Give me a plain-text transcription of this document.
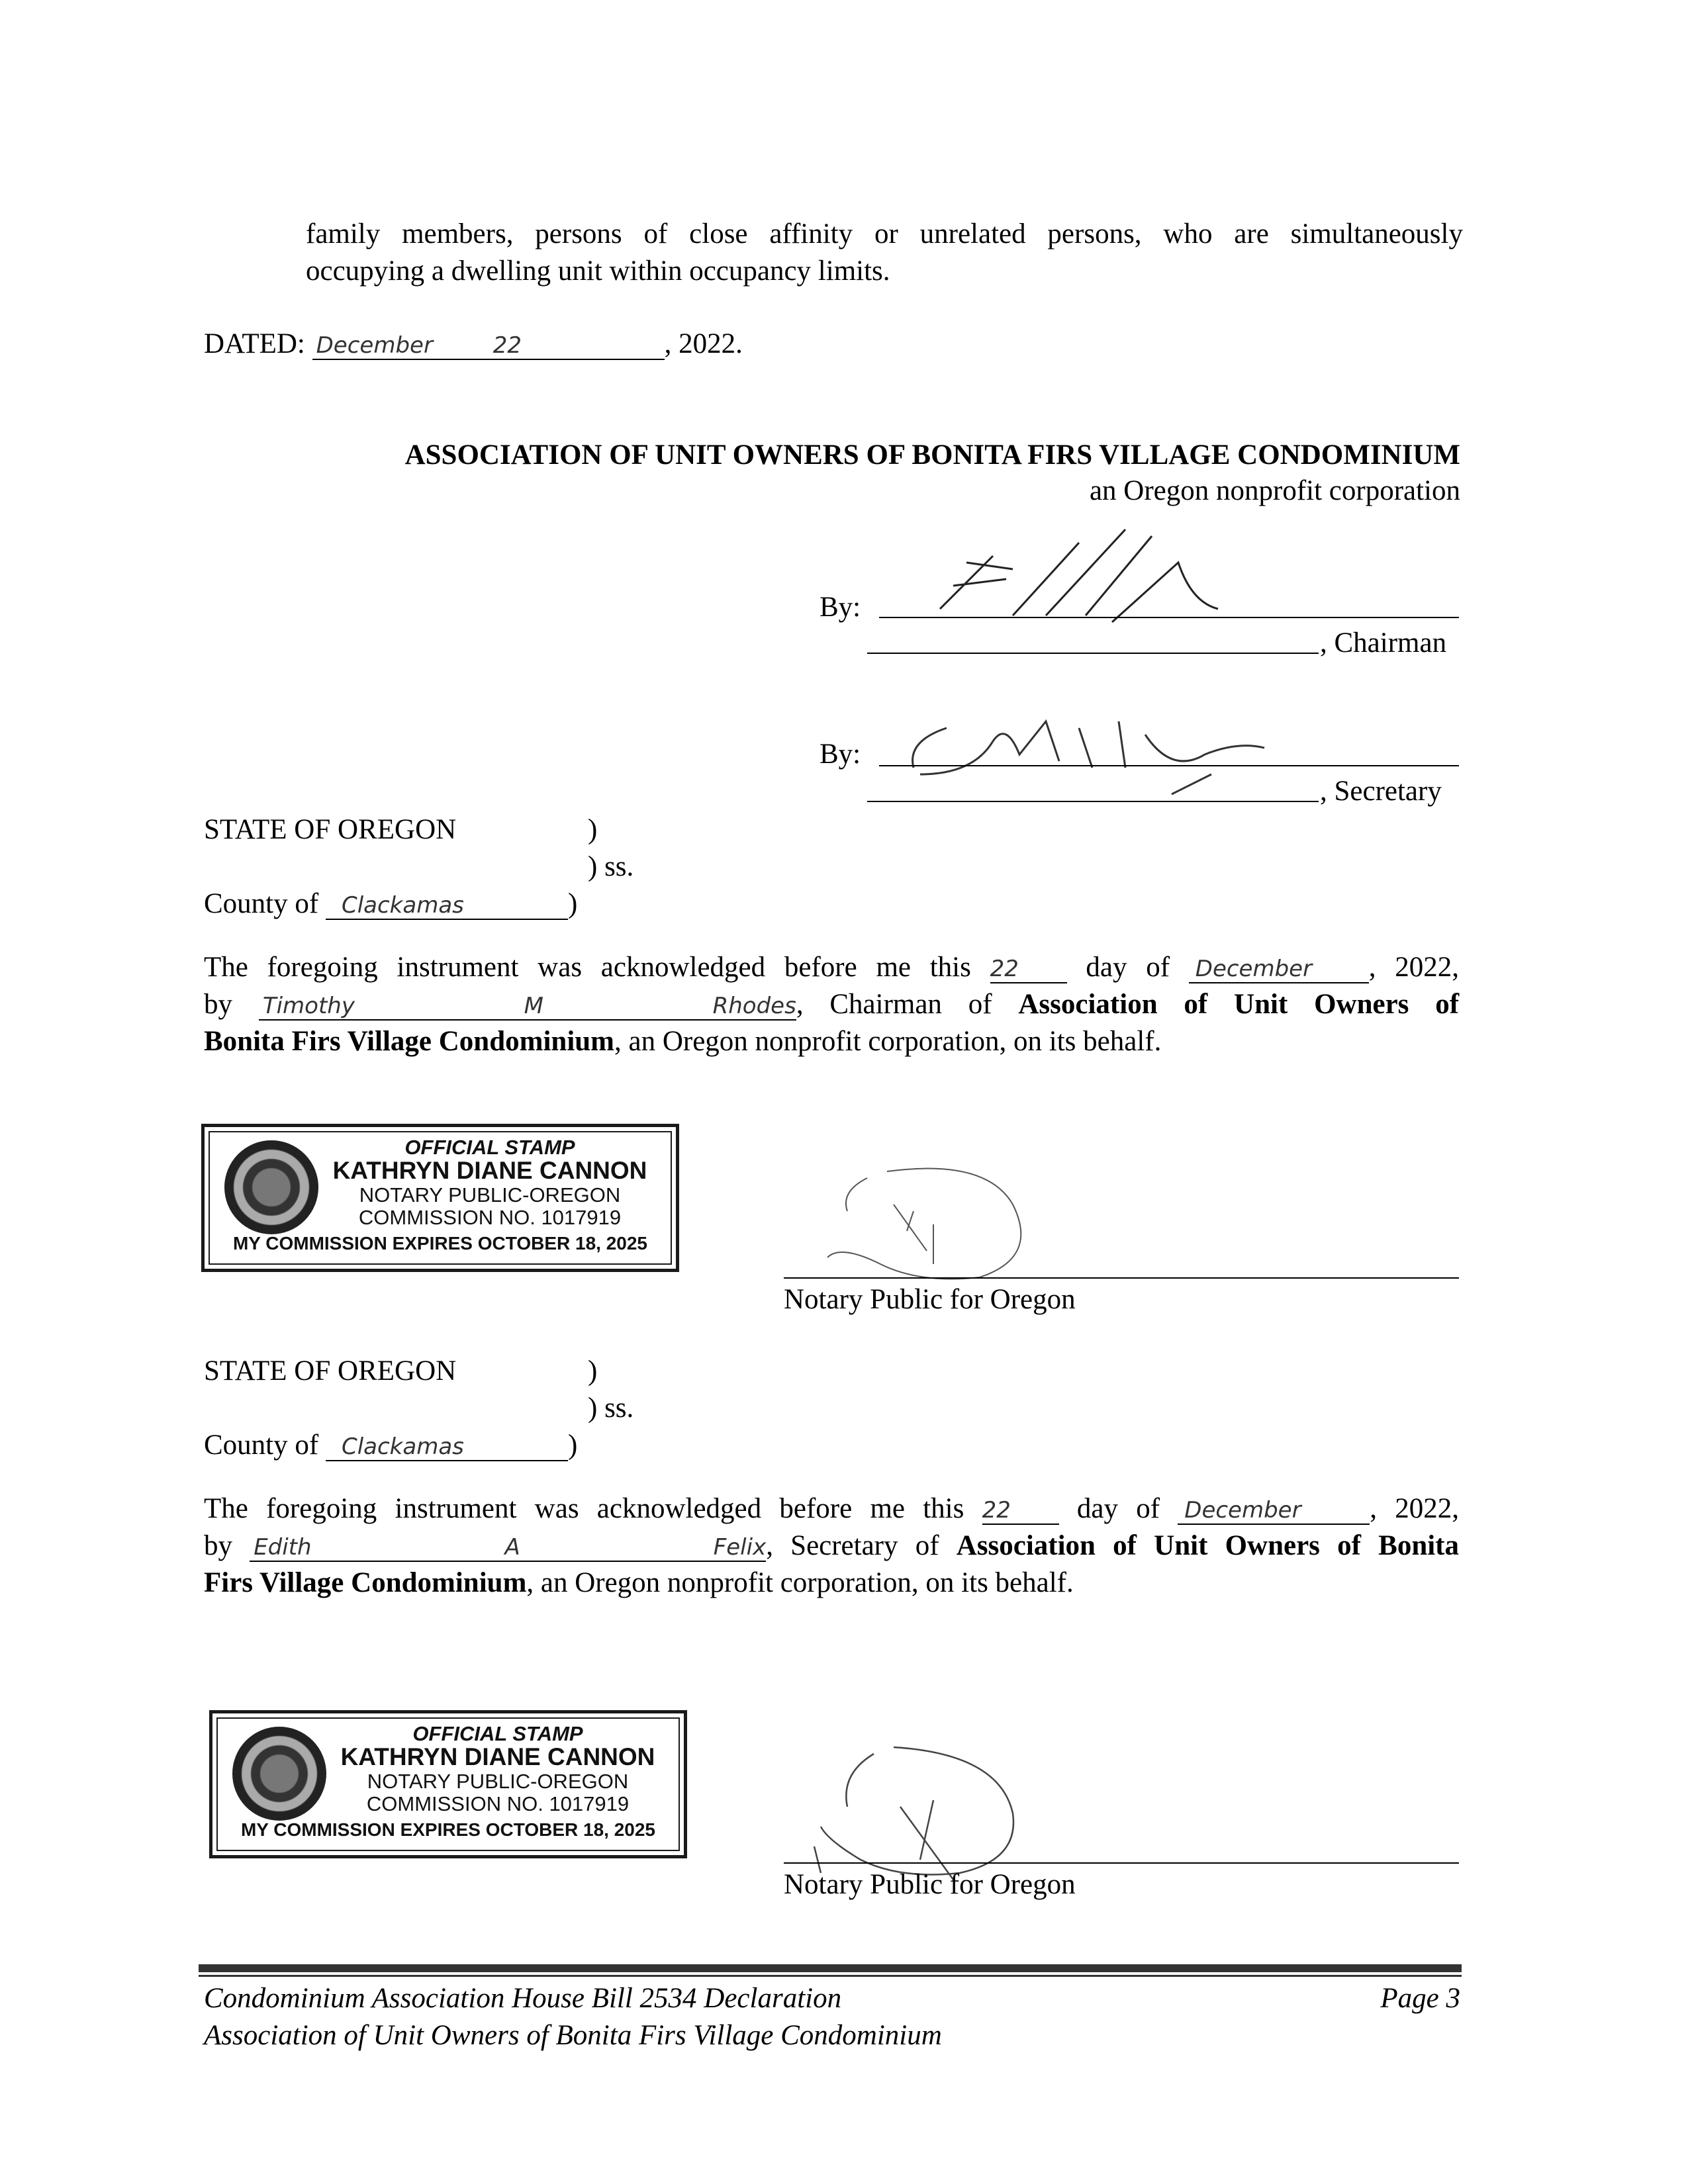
family members, persons of close affinity or unrelated persons, who are simultaneously
occupying a dwelling unit within occupancy limits.
DATED: December	22	, 2022.
ASSOCIATION OF UNIT OWNERS OF BONITA FIRS VILLAGE CONDOMINIUM
an Oregon nonprofit corporation
By:
, Chairman
By:
, Secretary
STATE OF OREGON	)
) ss.
County of Clackamas	)
The foregoing instrument was acknowledged before me this 22 day of December , 2022,
by Timothy M Rhodes, Chairman of Association of Unit Owners of
Bonita Firs Village Condominium, an Oregon nonprofit corporation, on its behalf.
OFFICIAL STAMP
KATHRYN DIANE CANNON
NOTARY PUBLIC-OREGON
COMMISSION NO. 1017919
MY COMMISSION EXPIRES OCTOBER 18, 2025
Notary Public for Oregon
STATE OF OREGON	)
) ss.
County of Clackamas	)
The foregoing instrument was acknowledged before me this 22 day of December , 2022,
by Edith A Felix, Secretary of Association of Unit Owners of Bonita
Firs Village Condominium, an Oregon nonprofit corporation, on its behalf.
OFFICIAL STAMP
KATHRYN DIANE CANNON
NOTARY PUBLIC-OREGON
COMMISSION NO. 1017919
MY COMMISSION EXPIRES OCTOBER 18, 2025
Notary Public for Oregon
Condominium Association House Bill 2534 Declaration	Page 3
Association of Unit Owners of Bonita Firs Village Condominium
